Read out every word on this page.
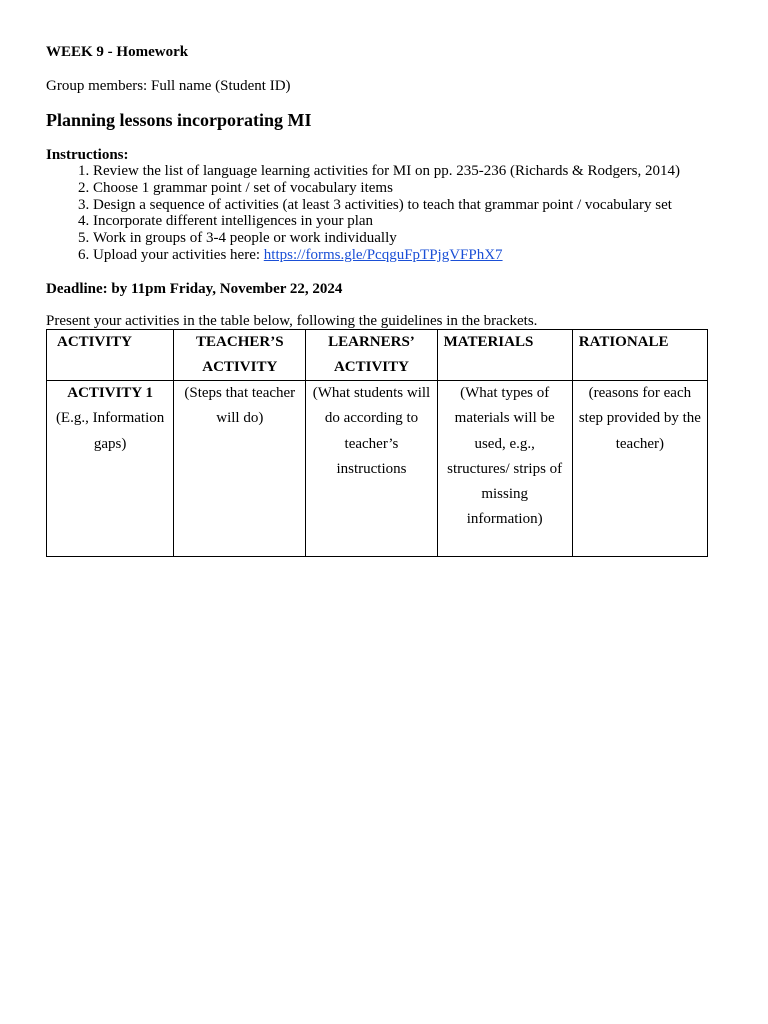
WEEK 9 - Homework

Group members: Full name (Student ID)

Planning lessons incorporating MI

Instructions:

1. Review the list of language learning activities for MI on pp. 235-236 (Richards & Rodgers, 2014)
2. Choose 1 grammar point / set of vocabulary items
3. Design a sequence of activities (at least 3 activities) to teach that grammar point / vocabulary set
4. Incorporate different intelligences in your plan
5. Work in groups of 3-4 people or work individually
6. Upload your activities here: https://forms.gle/PcqguFpTPjgVFPhX7

Deadline: by 11pm Friday, November 22, 2024

Present your activities in the table below, following the guidelines in the brackets.

ACTIVITY	TEACHER’S ACTIVITY	LEARNERS’ ACTIVITY	MATERIALS	RATIONALE

ACTIVITY 1
(E.g., Information gaps)	(Steps that teacher will do)	(What students will do according to teacher’s instructions	(What types of materials will be used, e.g., structures/ strips of missing information)	(reasons for each step provided by the teacher)
